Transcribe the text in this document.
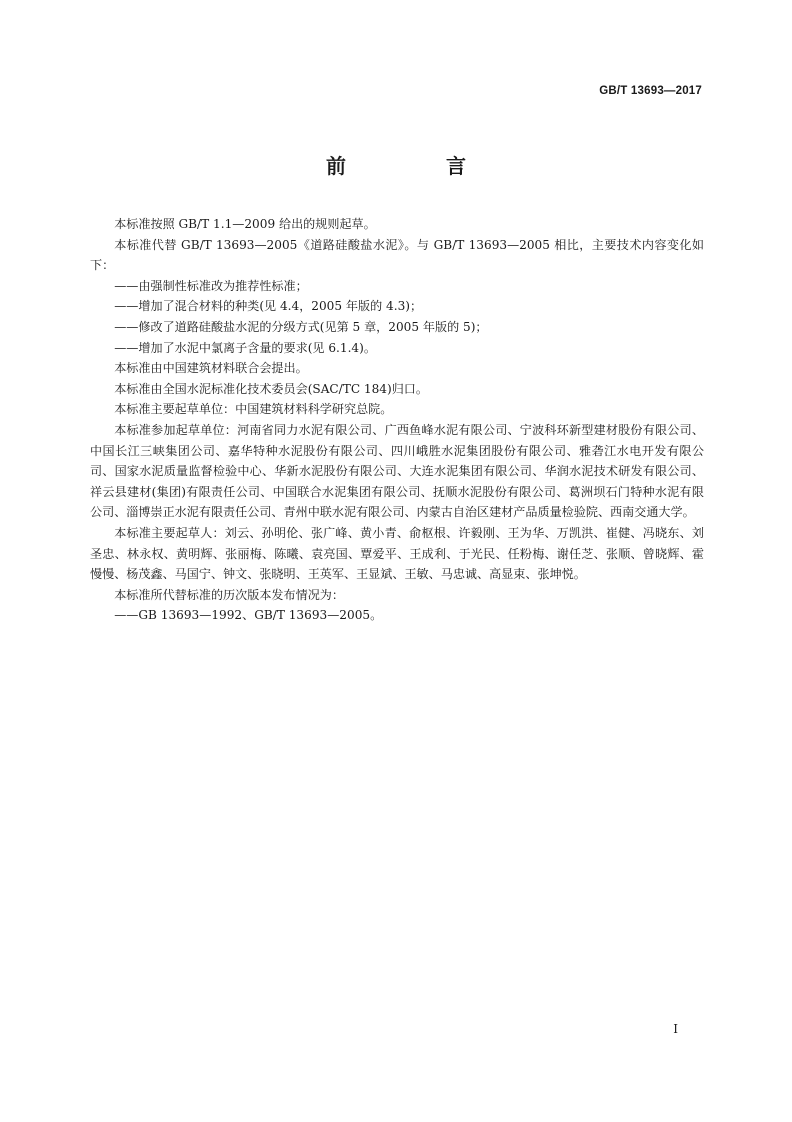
GB/T 13693—2017
前　言

本标准按照 GB/T 1.1—2009 给出的规则起草。

本标准代替 GB/T 13693—2005《道路硅酸盐水泥》。与 GB/T 13693—2005 相比，主要技术内容变化如下：

——由强制性标准改为推荐性标准；

——增加了混合材料的种类(见 4.4，2005 年版的 4.3)；

——修改了道路硅酸盐水泥的分级方式(见第 5 章，2005 年版的 5)；

——增加了水泥中氯离子含量的要求(见 6.1.4)。

本标准由中国建筑材料联合会提出。

本标准由全国水泥标准化技术委员会(SAC/TC 184)归口。

本标准主要起草单位：中国建筑材料科学研究总院。

本标准参加起草单位：河南省同力水泥有限公司、广西鱼峰水泥有限公司、宁波科环新型建材股份有限公司、中国长江三峡集团公司、嘉华特种水泥股份有限公司、四川峨胜水泥集团股份有限公司、雅砻江水电开发有限公司、国家水泥质量监督检验中心、华新水泥股份有限公司、大连水泥集团有限公司、华润水泥技术研发有限公司、祥云县建材(集团)有限责任公司、中国联合水泥集团有限公司、抚顺水泥股份有限公司、葛洲坝石门特种水泥有限公司、淄博崇正水泥有限责任公司、青州中联水泥有限公司、内蒙古自治区建材产品质量检验院、西南交通大学。

本标准主要起草人：刘云、孙明伦、张广峰、黄小青、俞枢根、许毅刚、王为华、万凯洪、崔健、冯晓东、刘圣忠、林永权、黄明辉、张丽梅、陈曦、袁亮国、覃爱平、王成利、于光民、任粉梅、谢任芝、张顺、曾晓辉、霍慢慢、杨茂鑫、马国宁、钟文、张晓明、王英军、王显斌、王敏、马忠诚、高显束、张坤悦。

本标准所代替标准的历次版本发布情况为：

——GB 13693—1992、GB/T 13693—2005。

I
